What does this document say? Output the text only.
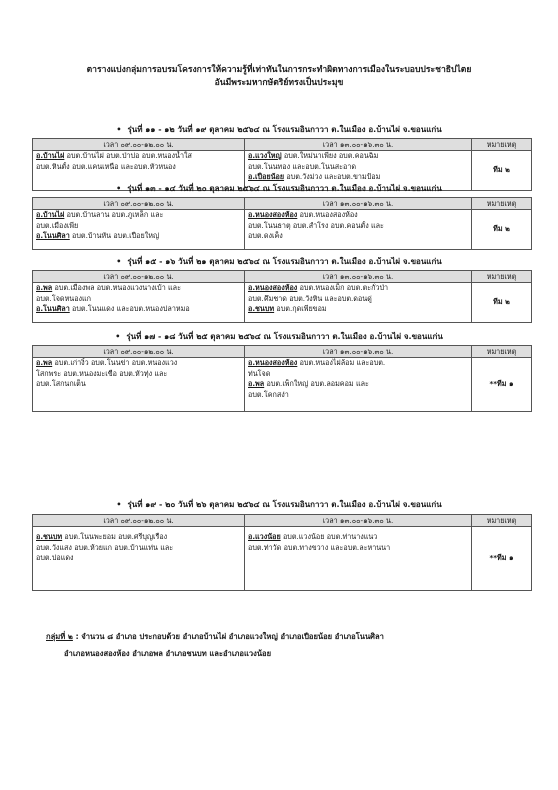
ตารางแบ่งกลุ่มการอบรมโครงการให้ความรู้ที่เท่าทันในการกระทำผิดทางการเมืองในระบอบประชาธิปไตย
อันมีพระมหากษัตริย์ทรงเป็นประมุข
• รุ่นที่ ๑๑ - ๑๒ วันที่ ๑๙ ตุลาคม ๒๕๖๔ ณ โรงแรมอินกาวา ต.ในเมือง อ.บ้านไผ่ จ.ขอนแก่น
เวลา ๐๙.๐๐-๑๒.๐๐ น.	เวลา ๑๓.๐๐-๑๖.๓๐ น.	หมายเหตุ

อ.บ้านไผ่ อบต.บ้านไผ่ อบต.ป่าปอ อบต.หนองน้ำใส
อบต.หินตั้ง อบต.แคนเหนือ และอบต.หัวหนอง	อ.แวงใหญ่ อบต.ใหม่นาเพียง อบต.คอนฉิม
อบต.โนนทอง และอบต.โนนสะอาด
อ.เปือยน้อย อบต.วังม่วง และอบต.ขามป้อม	ทีม ๒
• รุ่นที่ ๑๓ - ๑๔ วันที่ ๒๐ ตุลาคม ๒๕๖๔ ณ โรงแรมอินกาวา ต.ในเมือง อ.บ้านไผ่ จ.ขอนแก่น
เวลา ๐๙.๐๐-๑๒.๐๐ น.	เวลา ๑๓.๐๐-๑๖.๓๐ น.	หมายเหตุ

อ.บ้านไผ่ อบต.บ้านลาน อบต.ภูเหล็ก และ
อบต.เมืองเพีย
อ.โนนศิลา อบต.บ้านหัน อบต.เปือยใหญ่	อ.หนองสองห้อง อบต.หนองสองห้อง
อบต.โนนธาตุ อบต.สำโรง อบต.คอนตั้ง และ
อบต.ดงเค็ง	ทีม ๒
• รุ่นที่ ๑๕ - ๑๖ วันที่ ๒๑ ตุลาคม ๒๕๖๔ ณ โรงแรมอินกาวา ต.ในเมือง อ.บ้านไผ่ จ.ขอนแก่น
เวลา ๐๙.๐๐-๑๒.๐๐ น.	เวลา ๑๓.๐๐-๑๖.๓๐ น.	หมายเหตุ

อ.พล อบต.เมืองพล อบต.หนองแวงนางเบ้า และ
อบต.โจดหนองแก
อ.โนนศิลา อบต.โนนแดง และอบต.หนองปลาหมอ	อ.หนองสองห้อง อบต.หนองเม็ก อบต.ตะกั่วป่า
อบต.คึมชาด อบต.วังหิน และอบต.ดอนดู่
อ.ชนบท อบต.กุดเพียขอม	ทีม ๒
• รุ่นที่ ๑๗ - ๑๘ วันที่ ๒๕ ตุลาคม ๒๕๖๔ ณ โรงแรมอินกาวา ต.ในเมือง อ.บ้านไผ่ จ.ขอนแก่น
เวลา ๐๙.๐๐-๑๒.๐๐ น.	เวลา ๑๓.๐๐-๑๖.๓๐ น.	หมายเหตุ

อ.พล อบต.เก่างิ้ว อบต.โนนข่า อบต.หนองแวง
โสกพระ อบต.หนองมะเขือ อบต.หัวทุ่ง และ
อบต.โสกนกเต็น	อ.หนองสองห้อง อบต.หนองไผ่ล้อม และอบต.
ท่นโจด
อ.พล อบต.เพ็กใหญ่ อบต.ลอมคอม และ
อบต.โคกสง่า	**ทีม ๑
• รุ่นที่ ๑๙ - ๒๐ วันที่ ๒๖ ตุลาคม ๒๕๖๔ ณ โรงแรมอินกาวา ต.ในเมือง อ.บ้านไผ่ จ.ขอนแก่น
เวลา ๐๙.๐๐-๑๒.๐๐ น.	เวลา ๑๓.๐๐-๑๖.๓๐ น.	หมายเหตุ

อ.ชนบท อบต.โนนพะยอม อบต.ศรีบุญเรือง
อบต.วังแสง อบต.ห้วยแก อบต.บ้านแท่น และ
อบต.ปอแดง	อ.แวงน้อย อบต.แวงน้อย อบต.ท่านางแนว
อบต.ท่าวัด อบต.ทางขวาง และอบต.ละหานนา	**ทีม ๑
กลุ่มที่ ๒ : จำนวน ๘ อำเภอ ประกอบด้วย อำเภอบ้านไผ่ อำเภอแวงใหญ่ อำเภอเปือยน้อย อำเภอโนนศิลา
อำเภอหนองสองห้อง อำเภอพล อำเภอชนบท และอำเภอแวงน้อย
